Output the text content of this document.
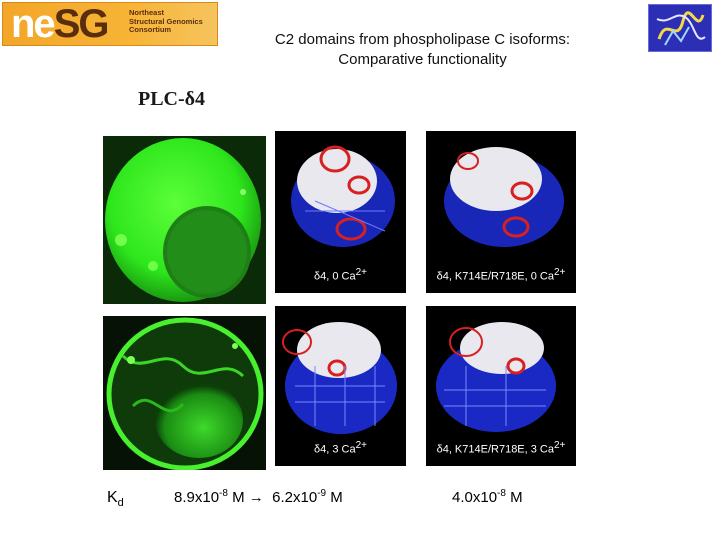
neSG	Northeast
Structural Genomics
Consortium
C2 domains from phospholipase C isoforms:
Comparative functionality
PLC-δ4
δ4, 0 $Ca^{2+}$	δ4, K714E/R718E, 0 $Ca^{2+}$
δ4, 3 $Ca^{2+}$	δ4, K714E/R718E, 3 $Ca^{2+}$
$K_d$	$8.9x10^{-8}$ $M \to 6.2x10^{-9}$ M	$4.0x10^{-8}$ M
